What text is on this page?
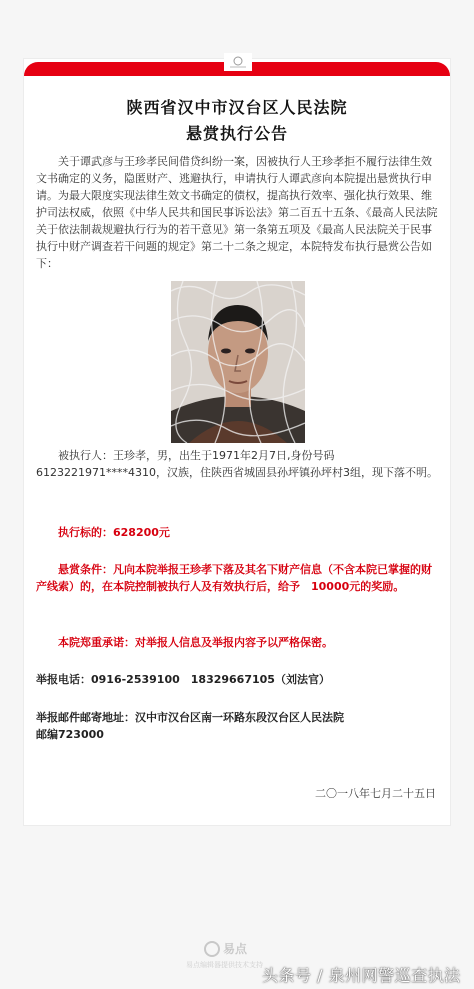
陕西省汉中市汉台区人民法院
悬赏执行公告

关于谭武彦与王珍孝民间借贷纠纷一案，因被执行人王珍孝拒不履行法律生效文书确定的义务，隐匿财产、逃避执行，申请执行人谭武彦向本院提出悬赏执行申请。为最大限度实现法律生效文书确定的债权，提高执行效率、强化执行效果、维护司法权威，依照《中华人民共和国民事诉讼法》第二百五十五条、《最高人民法院关于依法制裁规避执行行为的若干意见》第一条第五项及《最高人民法院关于民事执行中财产调查若干问题的规定》第二十二条之规定，本院特发布执行悬赏公告如下：

被执行人：王珍孝，男，出生于1971年2月7日,身份号码6123221971****4310，汉族，住陕西省城固县孙坪镇孙坪村3组，现下落不明。

执行标的：628200元

悬赏条件：凡向本院举报王珍孝下落及其名下财产信息（不含本院已掌握的财产线索）的，在本院控制被执行人及有效执行后，给予　10000元的奖励。

本院郑重承诺：对举报人信息及举报内容予以严格保密。

举报电话：0916-2539100　18329667105（刘法官）

举报邮件邮寄地址：汉中市汉台区南一环路东段汉台区人民法院

邮编723000

二〇一八年七月二十五日
易点
易点编辑器提供技术支持
头条号 / 泉州网警巡查执法
